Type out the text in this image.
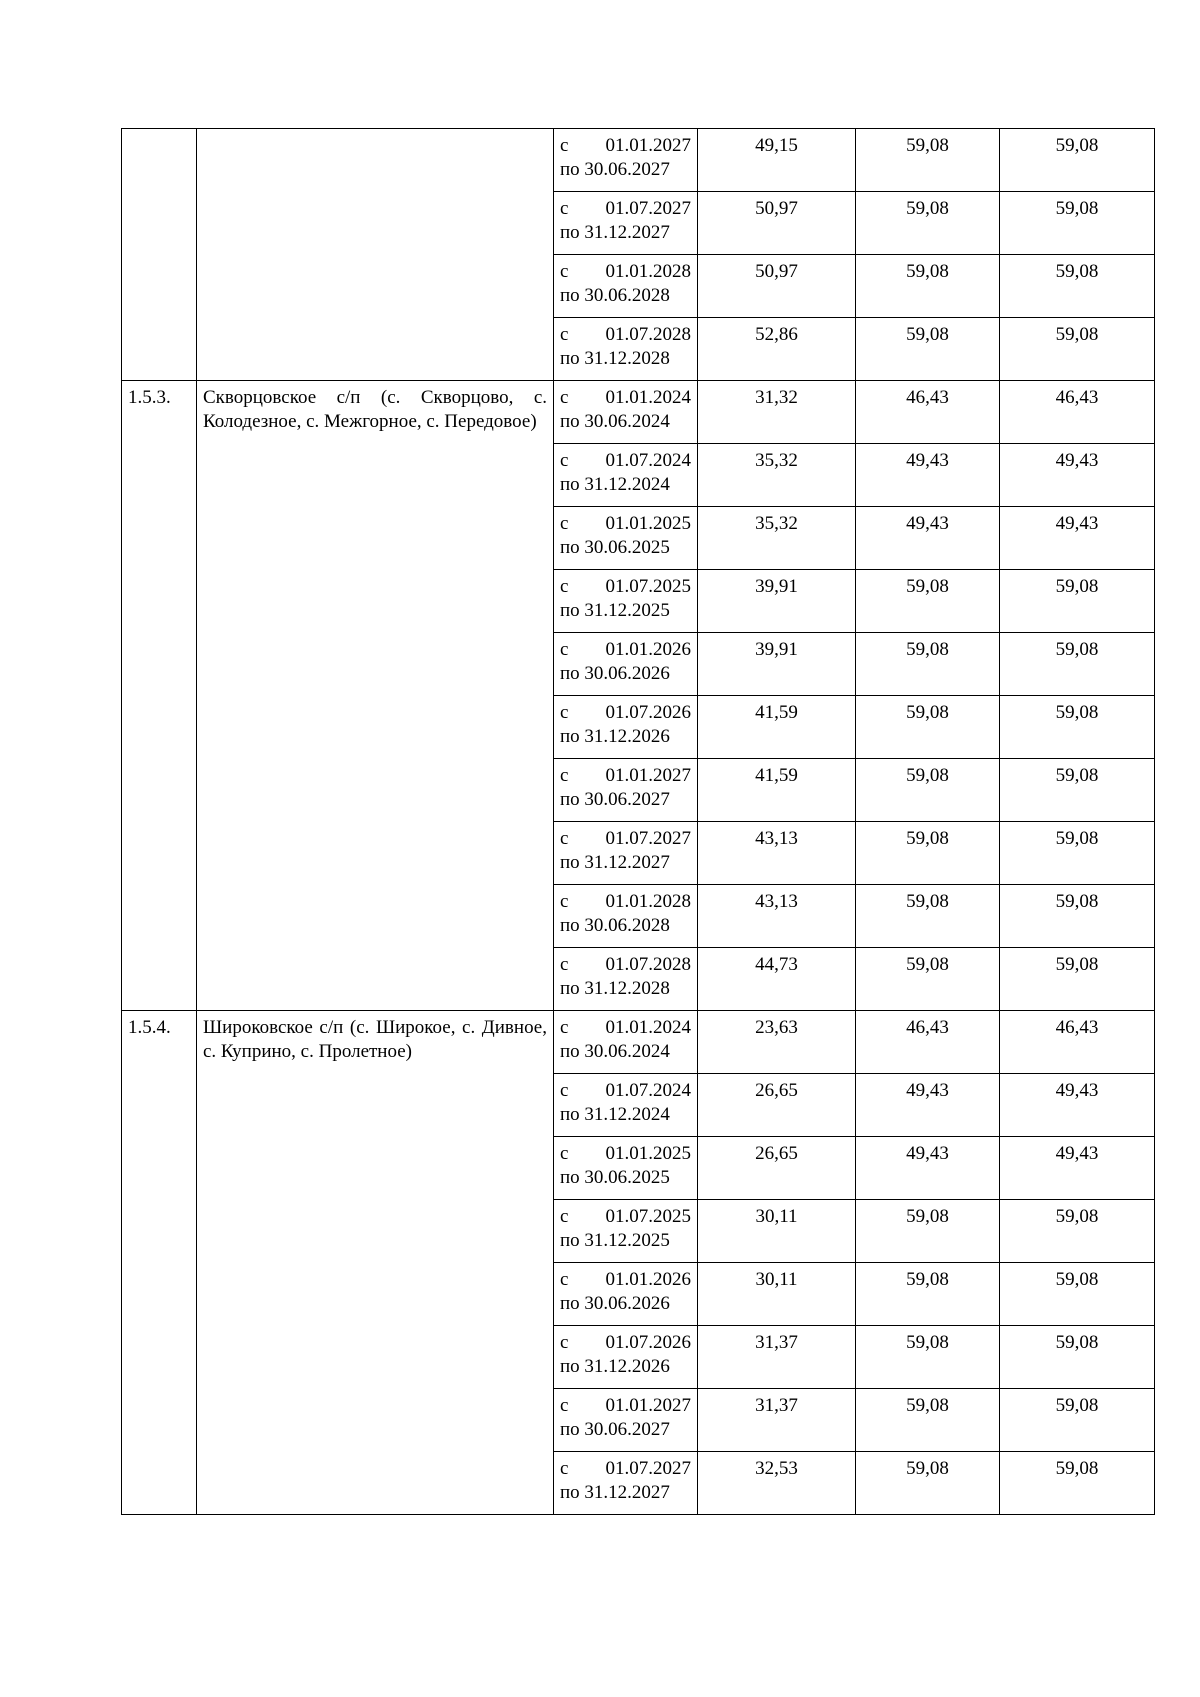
		с 01.01.2027
по 30.06.2027	49,15	59,08	59,08

		с 01.07.2027
по 31.12.2027	50,97	59,08	59,08

		с 01.01.2028
по 30.06.2028	50,97	59,08	59,08

		с 01.07.2028
по 31.12.2028	52,86	59,08	59,08
1.5.3.	Скворцовское с/п (с. Скворцово, с. Колодезное, с. Межгорное, с. Передовое)	с 01.01.2024
по 30.06.2024	31,32	46,43	46,43

		с 01.07.2024
по 31.12.2024	35,32	49,43	49,43

		с 01.01.2025
по 30.06.2025	35,32	49,43	49,43

		с 01.07.2025
по 31.12.2025	39,91	59,08	59,08

		с 01.01.2026
по 30.06.2026	39,91	59,08	59,08

		с 01.07.2026
по 31.12.2026	41,59	59,08	59,08

		с 01.01.2027
по 30.06.2027	41,59	59,08	59,08

		с 01.07.2027
по 31.12.2027	43,13	59,08	59,08

		с 01.01.2028
по 30.06.2028	43,13	59,08	59,08

		с 01.07.2028
по 31.12.2028	44,73	59,08	59,08
1.5.4.	Широковское с/п (с. Широкое, с. Дивное, с. Куприно, с. Пролетное)	с 01.01.2024
по 30.06.2024	23,63	46,43	46,43

		с 01.07.2024
по 31.12.2024	26,65	49,43	49,43

		с 01.01.2025
по 30.06.2025	26,65	49,43	49,43

		с 01.07.2025
по 31.12.2025	30,11	59,08	59,08

		с 01.01.2026
по 30.06.2026	30,11	59,08	59,08

		с 01.07.2026
по 31.12.2026	31,37	59,08	59,08

		с 01.01.2027
по 30.06.2027	31,37	59,08	59,08

		с 01.07.2027
по 31.12.2027	32,53	59,08	59,08
